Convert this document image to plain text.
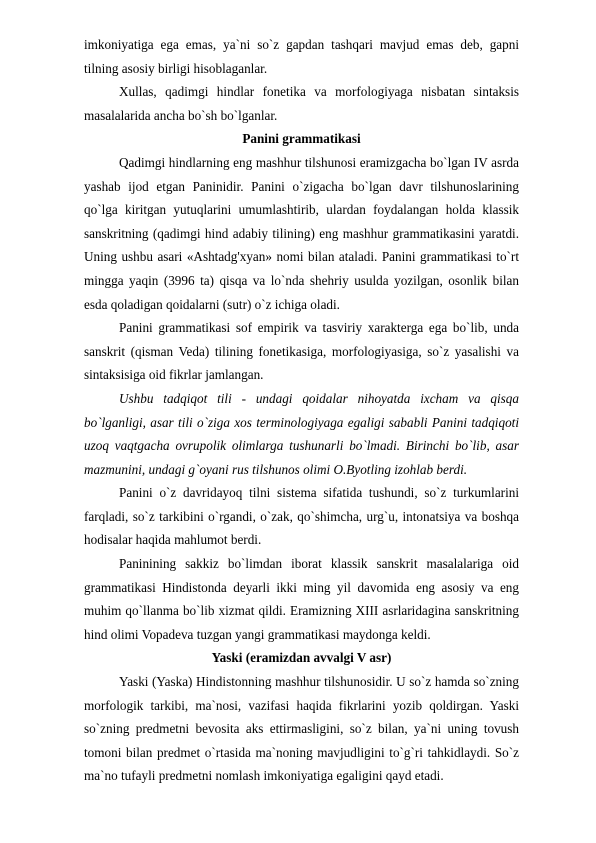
imkoniyatiga ega emas, ya`ni so`z gapdan tashqari mavjud emas deb, gapni tilning asosiy birligi hisoblaganlar.

Xullas, qadimgi hindlar fonetika va morfologiyaga nisbatan sintaksis masalalarida ancha bo`sh bo`lganlar.

Panini grammatikasi

Qadimgi hindlarning eng mashhur tilshunosi eramizgacha bo`lgan IV asrda yashab ijod etgan Paninidir. Panini o`zigacha bo`lgan davr tilshunoslarining qo`lga kiritgan yutuqlarini umumlashtirib, ulardan foydalangan holda klassik sanskritning (qadimgi hind adabiy tilining) eng mashhur grammatikasini yaratdi. Uning ushbu asari «Ashtadg'xyan» nomi bilan ataladi. Panini grammatikasi to`rt mingga yaqin (3996 ta) qisqa va lo`nda shehriy usulda yozilgan, osonlik bilan esda qoladigan qoidalarni (sutr) o`z ichiga oladi.

Panini grammatikasi sof empirik va tasviriy xarakterga ega bo`lib, unda sanskrit (qisman Veda) tilining fonetikasiga, morfologiyasiga, so`z yasalishi va sintaksisiga oid fikrlar jamlangan.

Ushbu tadqiqot tili - undagi qoidalar nihoyatda ixcham va qisqa bo`lganligi, asar tili o`ziga xos terminologiyaga egaligi sababli Panini tadqiqoti uzoq vaqtgacha ovrupolik olimlarga tushunarli bo`lmadi. Birinchi bo`lib, asar mazmunini, undagi g`oyani rus tilshunos olimi O.Byotling izohlab berdi.

Panini o`z davridayoq tilni sistema sifatida tushundi, so`z turkumlarini farqladi, so`z tarkibini o`rgandi, o`zak, qo`shimcha, urg`u, intonatsiya va boshqa hodisalar haqida mahlumot berdi.

Paninining sakkiz bo`limdan iborat klassik sanskrit masalalariga oid grammatikasi Hindistonda deyarli ikki ming yil davomida eng asosiy va eng muhim qo`llanma bo`lib xizmat qildi. Eramizning XIII asrlaridagina sanskritning hind olimi Vopadeva tuzgan yangi grammatikasi maydonga keldi.

Yaski (eramizdan avvalgi V asr)

Yaski (Yaska) Hindistonning mashhur tilshunosidir. U so`z hamda so`zning morfologik tarkibi, ma`nosi, vazifasi haqida fikrlarini yozib qoldirgan. Yaski so`zning predmetni bevosita aks ettirmasligini, so`z bilan, ya`ni uning tovush tomoni bilan predmet o`rtasida ma`noning mavjudligini to`g`ri tahkidlaydi. So`z ma`no tufayli predmetni nomlash imkoniyatiga egaligini qayd etadi.
